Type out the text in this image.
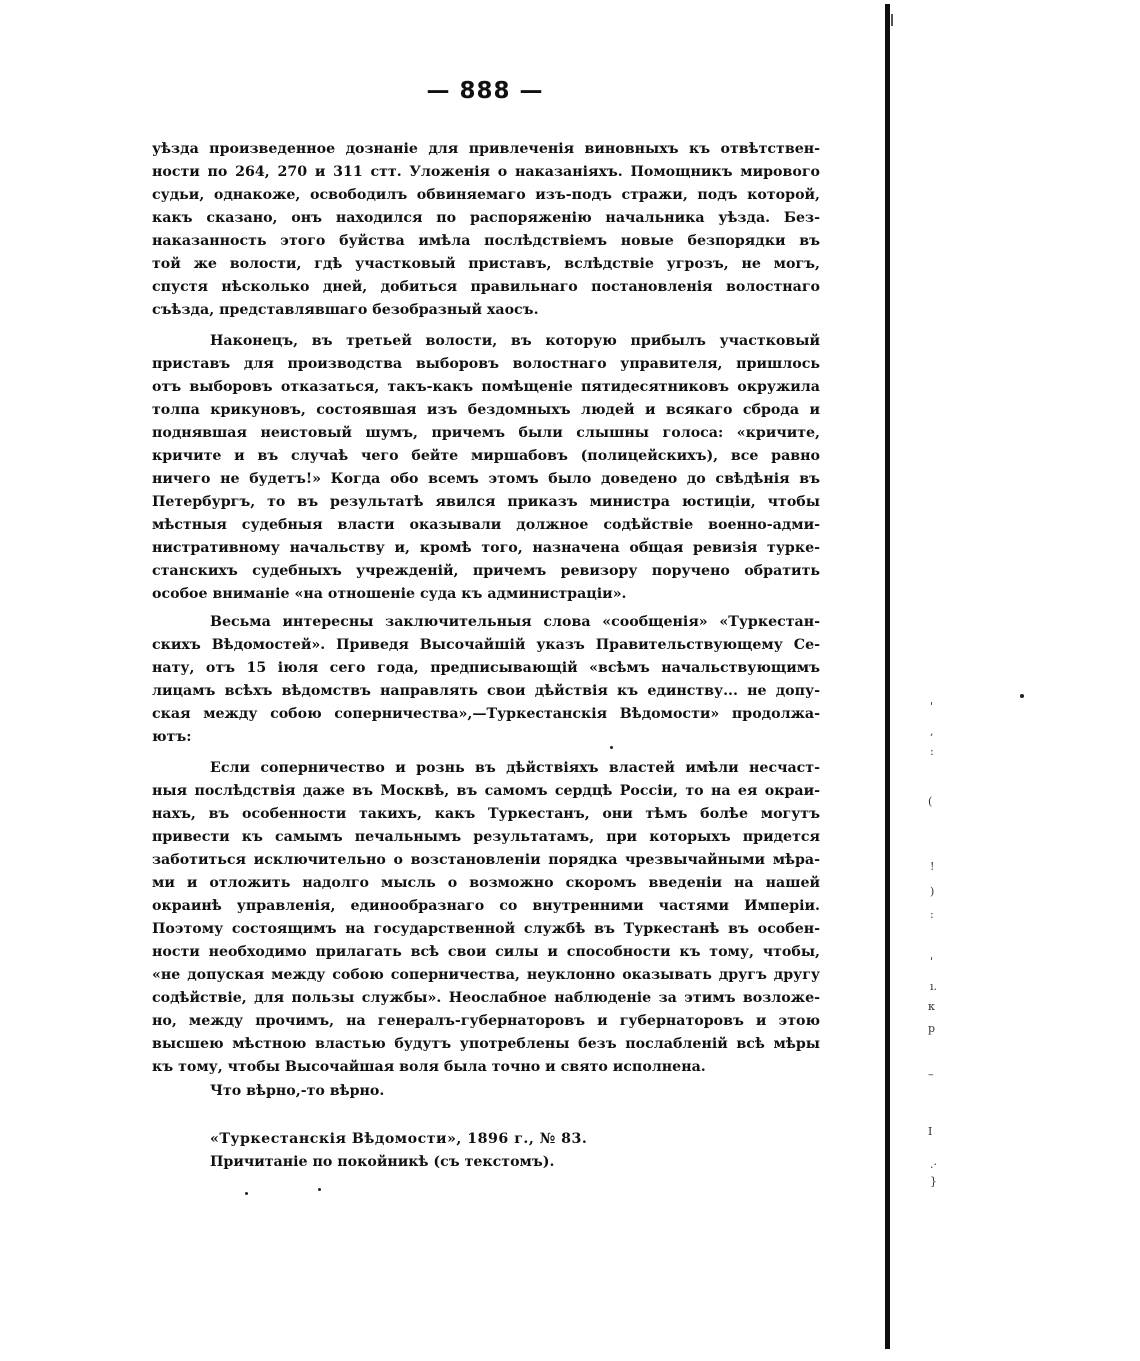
— 888 —
уѣзда произведенное дознаніе для привлеченія виновныхъ къ отвѣтствен-
ности по 264, 270 и 311 стт. Уложенія о наказаніяхъ. Помощникъ мирового
судьи, однакоже, освободилъ обвиняемаго изъ-подъ стражи, подъ которой,
какъ сказано, онъ находился по распоряженію начальника уѣзда. Без-
наказанность этого буйства имѣла послѣдствіемъ новые безпорядки въ
той же волости, гдѣ участковый приставъ, вслѣдствіе угрозъ, не могъ,
спустя нѣсколько дней, добиться правильнаго постановленія волостнаго
съѣзда, представлявшаго безобразный хаосъ.
Наконецъ, въ третьей волости, въ которую прибылъ участковый
приставъ для производства выборовъ волостнаго управителя, пришлось
отъ выборовъ отказаться, такъ-какъ помѣщеніе пятидесятниковъ окружила
толпа крикуновъ, состоявшая изъ бездомныхъ людей и всякаго сброда и
поднявшая неистовый шумъ, причемъ были слышны голоса: «кричите,
кричите и въ случаѣ чего бейте миршабовъ (полицейскихъ), все равно
ничего не будетъ!» Когда обо всемъ этомъ было доведено до свѣдѣнія въ
Петербургъ, то въ результатѣ явился приказъ министра юстиціи, чтобы
мѣстныя судебныя власти оказывали должное содѣйствіе военно-адми-
нистративному начальству и, кромѣ того, назначена общая ревизія турке-
станскихъ судебныхъ учрежденій, причемъ ревизору поручено обратить
особое вниманіе «на отношеніе суда къ администраціи».
Весьма интересны заключительныя слова «сообщенія» «Туркестан-
скихъ Вѣдомостей». Приведя Высочайшій указъ Правительствующему Се-
нату, отъ 15 іюля сего года, предписывающій «всѣмъ начальствующимъ
лицамъ всѣхъ вѣдомствъ направлять свои дѣйствія къ единству... не допу-
ская между собою соперничества»,—Туркестанскія Вѣдомости» продолжа-
ютъ:
Если соперничество и рознь въ дѣйствіяхъ властей имѣли несчаст-
ныя послѣдствія даже въ Москвѣ, въ самомъ сердцѣ Россіи, то на ея окраи-
нахъ, въ особенности такихъ, какъ Туркестанъ, они тѣмъ болѣе могутъ
привести къ самымъ печальнымъ результатамъ, при которыхъ придется
заботиться исключительно о возстановленіи порядка чрезвычайными мѣра-
ми и отложить надолго мысль о возможно скоромъ введеніи на нашей
окраинѣ управленія, единообразнаго со внутренними частями Имперіи.
Поэтому состоящимъ на государственной службѣ въ Туркестанѣ въ особен-
ности необходимо прилагать всѣ свои силы и способности къ тому, чтобы,
«не допуская между собою соперничества, неуклонно оказывать другъ другу
содѣйствіе, для пользы службы». Неослабное наблюденіе за этимъ возложе-
но, между прочимъ, на генералъ-губернаторовъ и губернаторовъ и этою
высшею мѣстною властью будутъ употреблены безъ послабленій всѣ мѣры
къ тому, чтобы Высочайшая воля была точно и свято исполнена.
Что вѣрно,-то вѣрно.
«Туркестанскія Вѣдомости», 1896 г., № 83.
Причитаніе по покойникѣ (съ текстомъ).
'
,
:
(
!
)
:
'
ı.
к
р
–
I
.·
}
